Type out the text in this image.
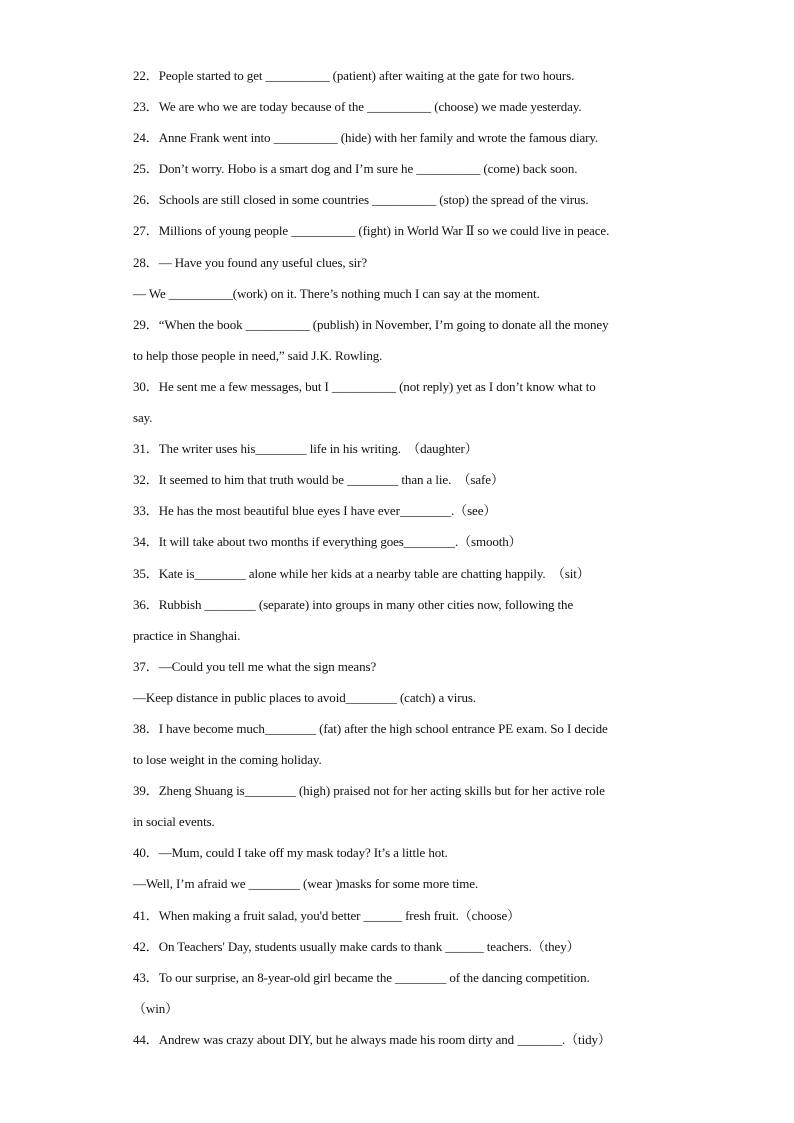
22．People started to get __________ (patient) after waiting at the gate for two hours.
23．We are who we are today because of the __________ (choose) we made yesterday.
24．Anne Frank went into __________ (hide) with her family and wrote the famous diary.
25．Don’t worry. Hobo is a smart dog and I’m sure he __________ (come) back soon.
26．Schools are still closed in some countries __________ (stop) the spread of the virus.
27．Millions of young people __________ (fight) in World War Ⅱ so we could live in peace.
28．— Have you found any useful clues, sir?
— We __________(work) on it. There’s nothing much I can say at the moment.
29．“When the book __________ (publish) in November, I’m going to donate all the money
to help those people in need,” said J.K. Rowling.
30．He sent me a few messages, but I __________ (not reply) yet as I don’t know what to
say.
31．The writer uses his________ life in his writing.  （daughter）
32．It seemed to him that truth would be ________ than a lie.  （safe）
33．He has the most beautiful blue eyes I have ever________.（see）
34．It will take about two months if everything goes________.（smooth）
35．Kate is________ alone while her kids at a nearby table are chatting happily.  （sit）
36．Rubbish ________ (separate) into groups in many other cities now, following the
practice in Shanghai.
37．—Could you tell me what the sign means?
—Keep distance in public places to avoid________ (catch) a virus.
38．I have become much________ (fat) after the high school entrance PE exam. So I decide
to lose weight in the coming holiday.
39．Zheng Shuang is________ (high) praised not for her acting skills but for her active role
in social events.
40．—Mum, could I take off my mask today? It’s a little hot.
—Well, I’m afraid we ________ (wear )masks for some more time.
41．When making a fruit salad, you'd better ______ fresh fruit.（choose）
42．On Teachers' Day, students usually make cards to thank ______ teachers.（they）
43．To our surprise, an 8-year-old girl became the ________ of the dancing competition.
（win）
44．Andrew was crazy about DIY, but he always made his room dirty and _______.（tidy）
